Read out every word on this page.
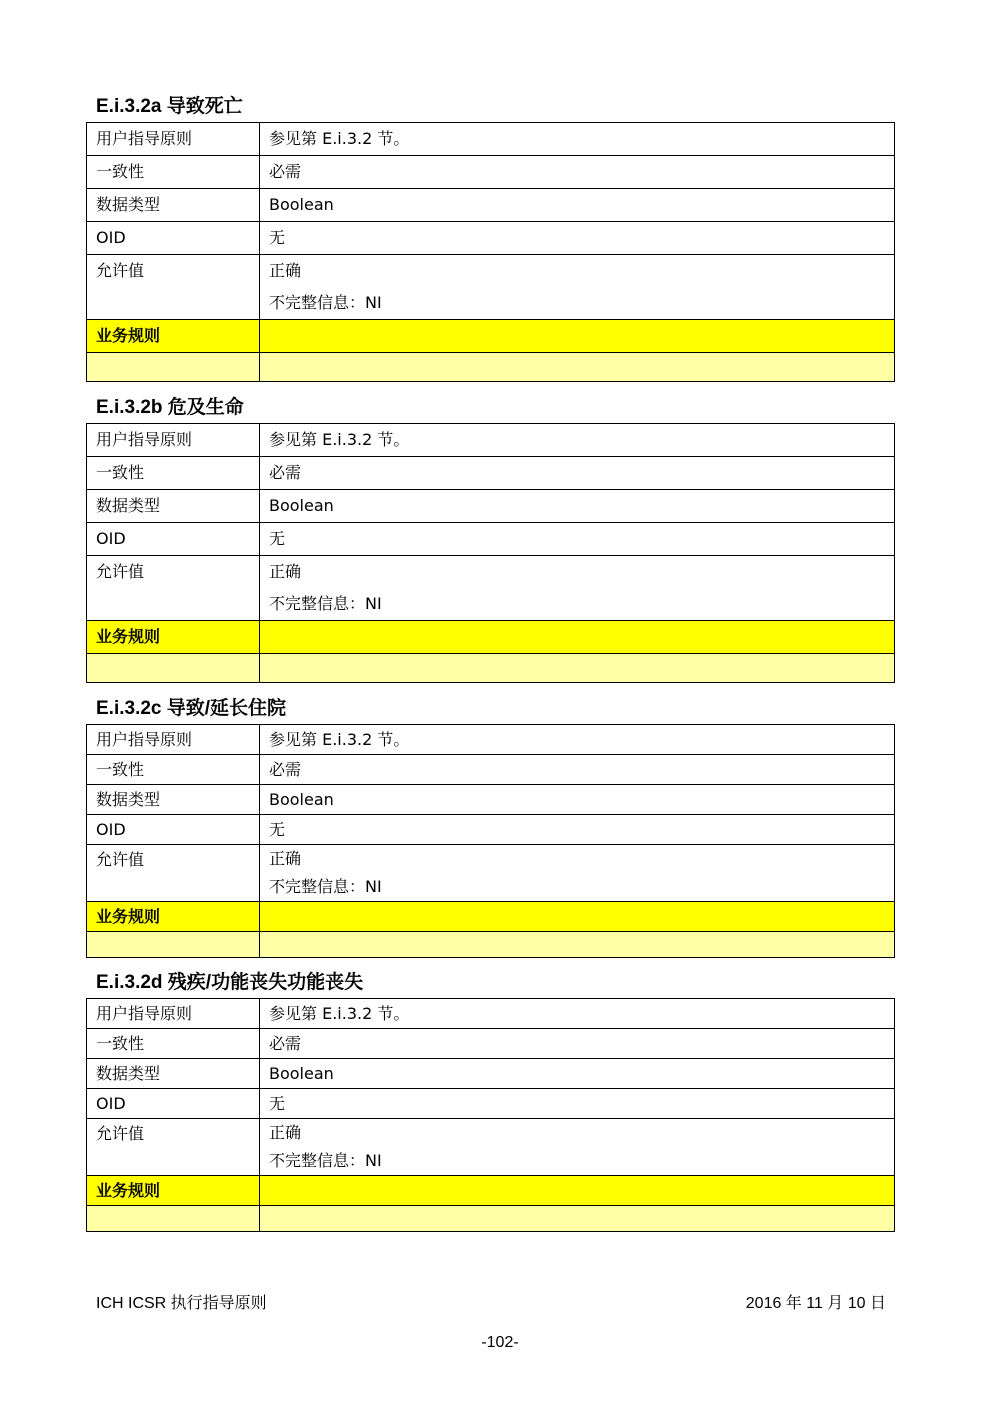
E.i.3.2a 导致死亡
用户指导原则	参见第 E.i.3.2 节。
一致性	必需
数据类型	Boolean
OID	无
允许值	正确
不完整信息：NI

业务规则	

E.i.3.2b 危及生命
用户指导原则	参见第 E.i.3.2 节。
一致性	必需
数据类型	Boolean
OID	无
允许值	正确
不完整信息：NI

业务规则	

E.i.3.2c 导致/延长住院
用户指导原则	参见第 E.i.3.2 节。
一致性	必需
数据类型	Boolean
OID	无
允许值	正确
不完整信息：NI

业务规则	

E.i.3.2d 残疾/功能丧失功能丧失
用户指导原则	参见第 E.i.3.2 节。
一致性	必需
数据类型	Boolean
OID	无
允许值	正确
不完整信息：NI

业务规则	

ICH ICSR 执行指导原则	2016 年 11 月 10 日
-102-
